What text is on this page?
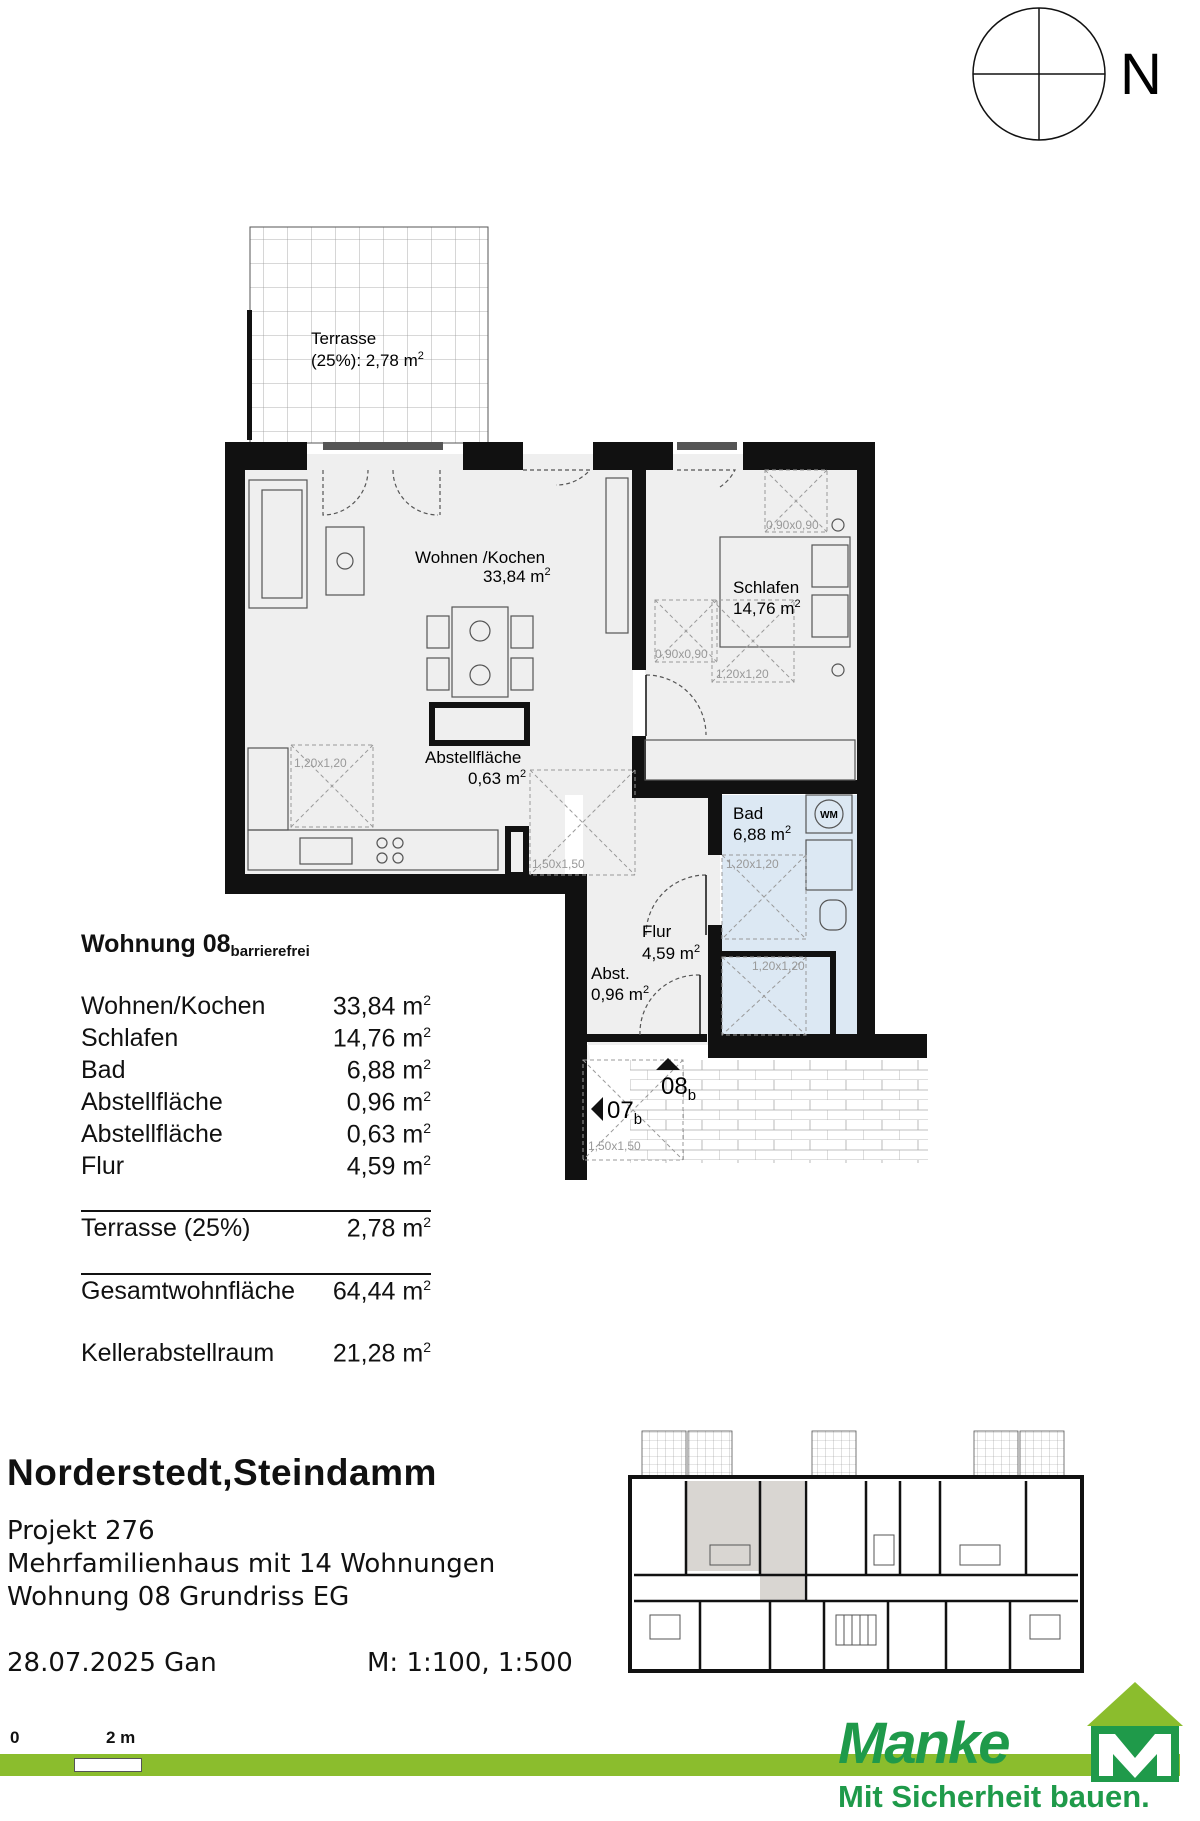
N
Terrasse
(25%): 2,78 $m^2$
WM
0,90x0,90
0,90x0,90
1,20x1,20
1,20x1,20
1,50x1,50	1,20x1,20
1,20x1,20
1,50x1,50
Wohnen /Kochen
33,84 $m^2$
Schlafen
14,76 $m^2$
Abstellfläche
0,63 $m^2$
Bad
6,88 $m^2$
Flur
4,59 $m^2$
Abst.
0,96 $m^2$
$08_b$
$07_b$
Wohnung $08_{barrierefrei}$
Wohnen/Kochen	33,84 $m^2$
Schlafen	14,76 $m^2$
Bad	6,88 $m^2$
Abstellfläche	0,96 $m^2$
Abstellfläche	0,63 $m^2$
Flur	4,59 $m^2$
Terrasse (25%)	2,78 $m^2$
Gesamtwohnfläche 64,44 $m^2$
Kellerabstellraum 21,28 $m^2$
Norderstedt,Steindamm
Projekt 276
Mehrfamilienhaus mit 14 Wohnungen
Wohnung 08 Grundriss EG
28.07.2025 Gan	M: 1:100, 1:500
0	2 m	Manke
Mit Sicherheit bauen.
